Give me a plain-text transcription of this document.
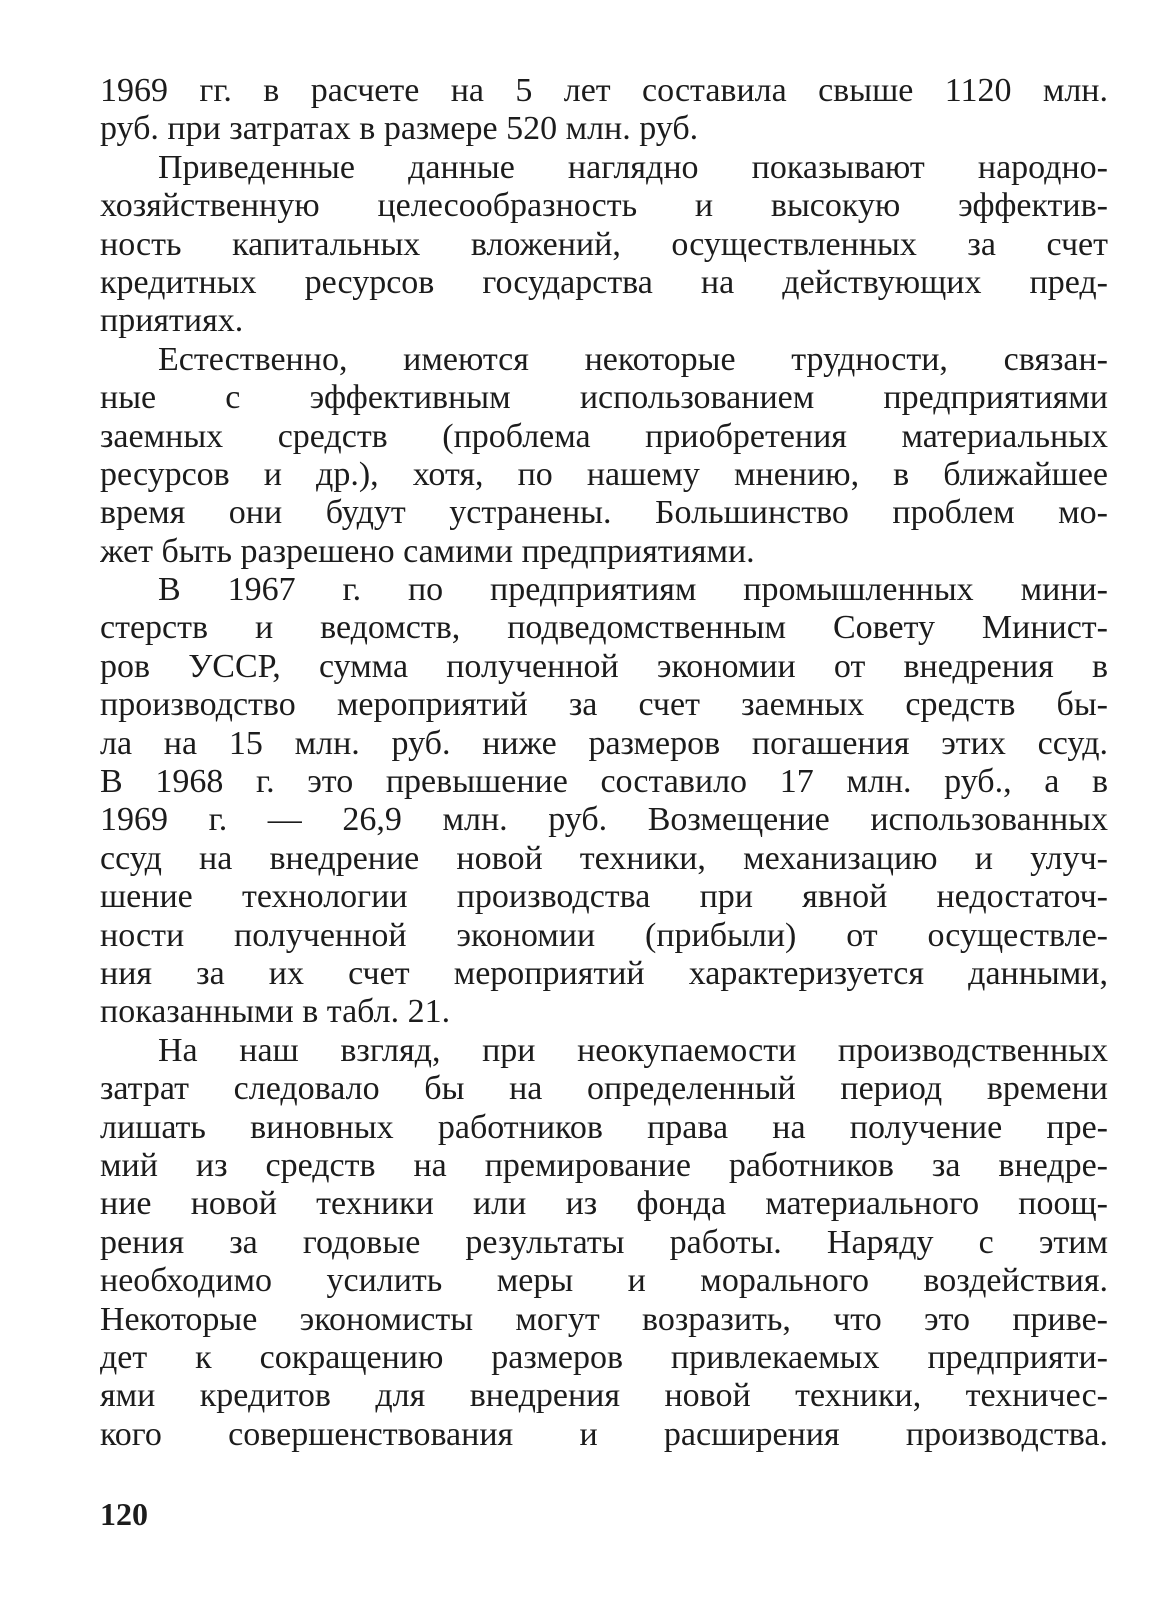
1969 гг. в расчете на 5 лет составила свыше 1120 млн.
руб. при затратах в размере 520 млн. руб.
Приведенные данные наглядно показывают народно-
хозяйственную целесообразность и высокую эффектив-
ность капитальных вложений, осуществленных за счет
кредитных ресурсов государства на действующих пред-
приятиях.
Естественно, имеются некоторые трудности, связан-
ные с эффективным использованием предприятиями
заемных средств (проблема приобретения материальных
ресурсов и др.), хотя, по нашему мнению, в ближайшее
время они будут устранены. Большинство проблем мо-
жет быть разрешено самими предприятиями.
В 1967 г. по предприятиям промышленных мини-
стерств и ведомств, подведомственным Совету Минист-
ров УССР, сумма полученной экономии от внедрения в
производство мероприятий за счет заемных средств бы-
ла на 15 млн. руб. ниже размеров погашения этих ссуд.
В 1968 г. это превышение составило 17 млн. руб., а в
1969 г. — 26,9 млн. руб. Возмещение использованных
ссуд на внедрение новой техники, механизацию и улуч-
шение технологии производства при явной недостаточ-
ности полученной экономии (прибыли) от осуществле-
ния за их счет мероприятий характеризуется данными,
показанными в табл. 21.
На наш взгляд, при неокупаемости производственных
затрат следовало бы на определенный период времени
лишать виновных работников права на получение пре-
мий из средств на премирование работников за внедре-
ние новой техники или из фонда материального поощ-
рения за годовые результаты работы. Наряду с этим
необходимо усилить меры и морального воздействия.
Некоторые экономисты могут возразить, что это приве-
дет к сокращению размеров привлекаемых предприяти-
ями кредитов для внедрения новой техники, техничес-
кого совершенствования и расширения производства.
120
